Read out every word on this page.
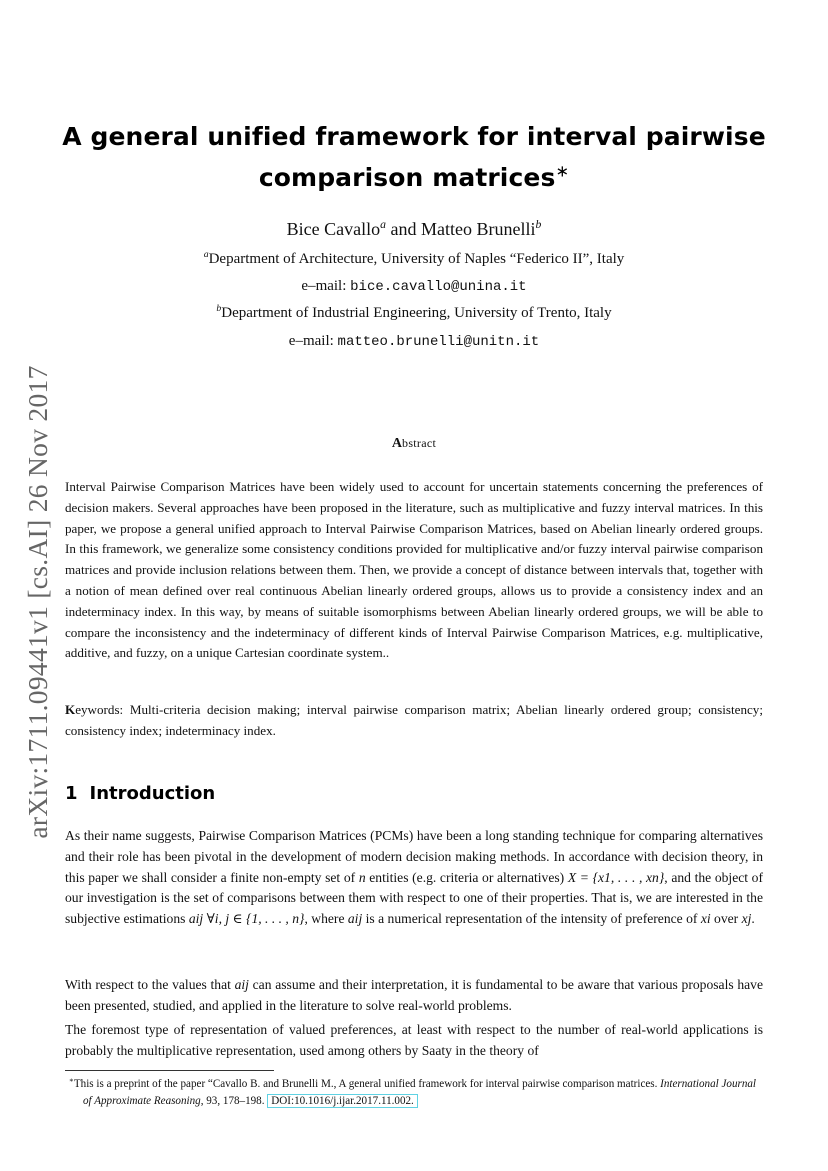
arXiv:1711.09441v1 [cs.AI] 26 Nov 2017
A general unified framework for interval pairwise
comparison matrices∗
Bice Cavallo$^a$ and Matteo Brunelli$^b$
$^a$Department of Architecture, University of Naples “Federico II”, Italy
e–mail: bice.cavallo@unina.it
$^b$Department of Industrial Engineering, University of Trento, Italy
e–mail: matteo.brunelli@unitn.it
Abstract
Interval Pairwise Comparison Matrices have been widely used to account for uncertain statements concerning the preferences of decision makers. Several approaches have been proposed in the literature, such as multiplicative and fuzzy interval matrices. In this paper, we propose a general unified approach to Interval Pairwise Comparison Matrices, based on Abelian linearly ordered groups. In this framework, we generalize some consistency conditions provided for multiplicative and/or fuzzy interval pairwise comparison matrices and provide inclusion relations between them. Then, we provide a concept of distance between intervals that, together with a notion of mean defined over real continuous Abelian linearly ordered groups, allows us to provide a consistency index and an indeterminacy index. In this way, by means of suitable isomorphisms between Abelian linearly ordered groups, we will be able to compare the inconsistency and the indeterminacy of different kinds of Interval Pairwise Comparison Matrices, e.g. multiplicative, additive, and fuzzy, on a unique Cartesian coordinate system..
Keywords: Multi-criteria decision making; interval pairwise comparison matrix; Abelian linearly ordered group; consistency; consistency index; indeterminacy index.
1 Introduction
As their name suggests, Pairwise Comparison Matrices (PCMs) have been a long standing technique for comparing alternatives and their role has been pivotal in the development of modern decision making methods. In accordance with decision theory, in this paper we shall consider a finite non-empty set of n entities (e.g. criteria or alternatives) X = {x1, . . . , xn}, and the object of our investigation is the set of comparisons between them with respect to one of their properties. That is, we are interested in the subjective estimations aij ∀i, j ∈ {1, . . . , n}, where aij is a numerical representation of the intensity of preference of xi over xj.
With respect to the values that aij can assume and their interpretation, it is fundamental to be aware that various proposals have been presented, studied, and applied in the literature to solve real-world problems.
The foremost type of representation of valued preferences, at least with respect to the number of real-world applications is probably the multiplicative representation, used among others by Saaty in the theory of
∗This is a preprint of the paper “Cavallo B. and Brunelli M., A general unified framework for interval pairwise comparison matrices. International Journal of Approximate Reasoning, 93, 178–198. DOI:10.1016/j.ijar.2017.11.002.
